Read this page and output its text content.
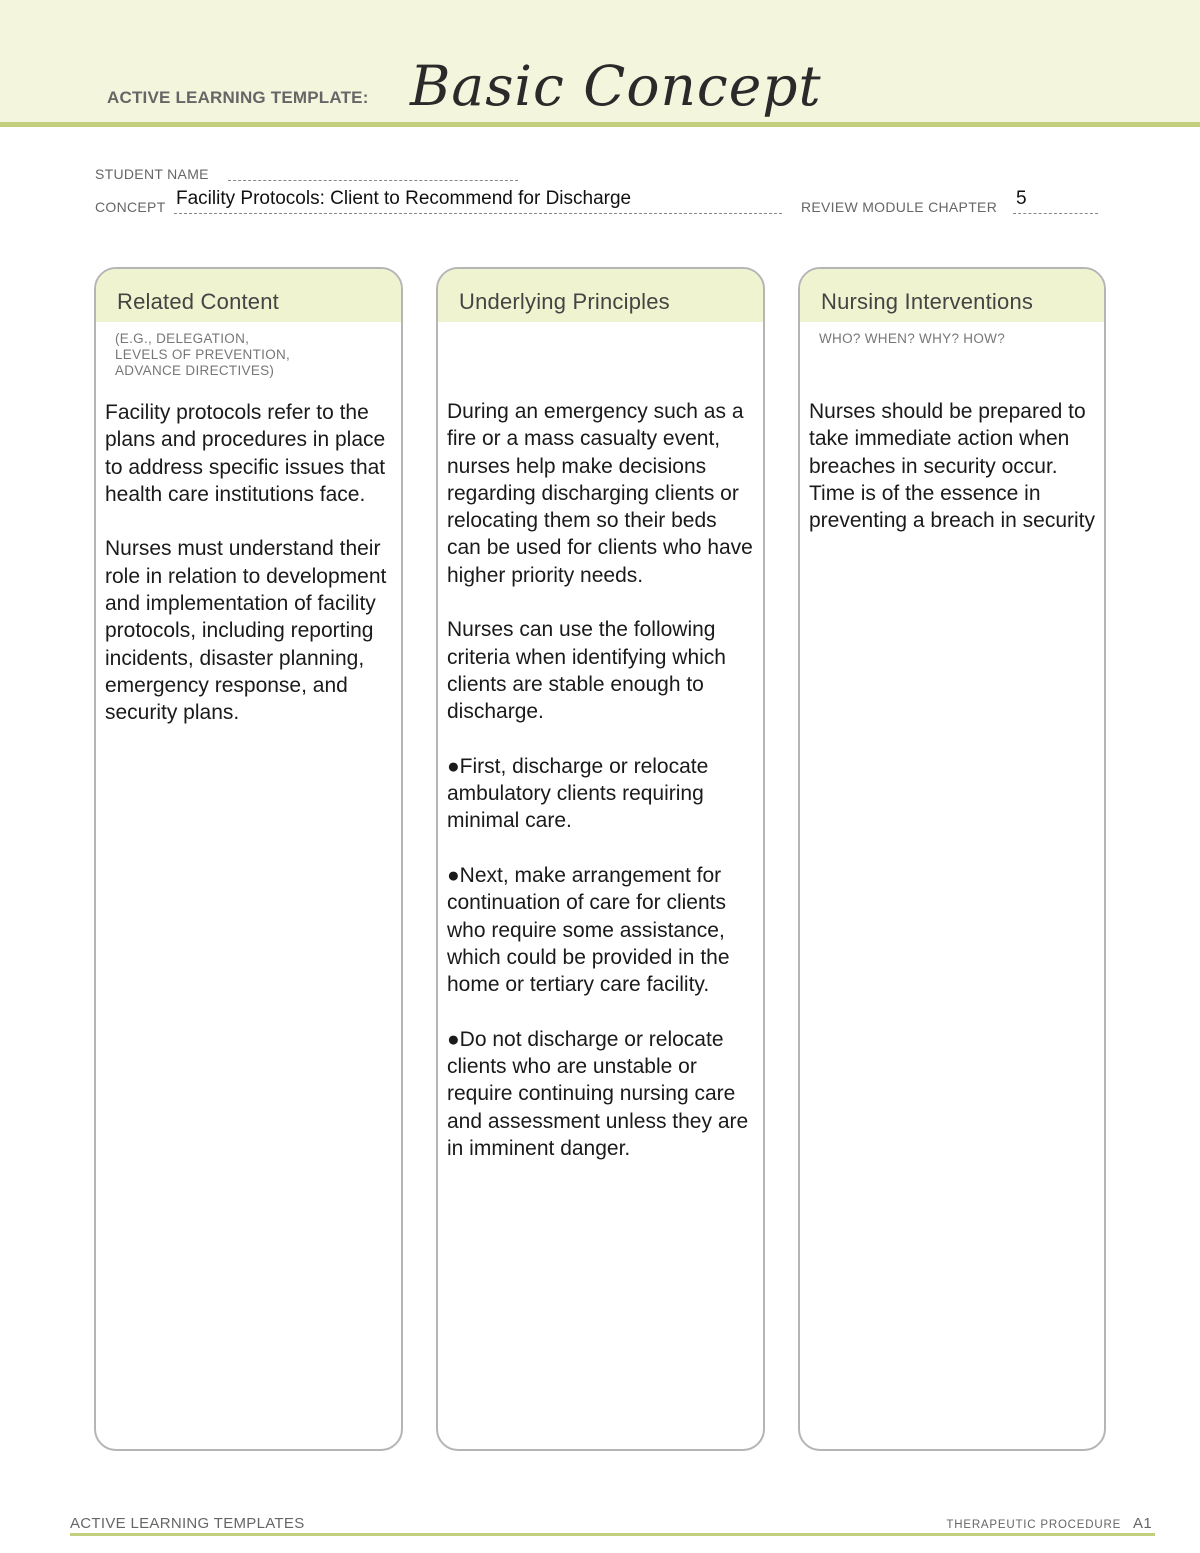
ACTIVE LEARNING TEMPLATE: Basic Concept
STUDENT NAME
CONCEPT Facility Protocols: Client to Recommend for Discharge	REVIEW MODULE CHAPTER 5
Related Content
(E.G., DELEGATION,
LEVELS OF PREVENTION,
ADVANCE DIRECTIVES)

Facility protocols refer to the plans and procedures in place to address specific issues that health care institutions face.

Nurses must understand their role in relation to development and implementation of facility protocols, including reporting incidents, disaster planning, emergency response, and security plans.

Underlying Principles

During an emergency such as a fire or a mass casualty event, nurses help make decisions regarding discharging clients or relocating them so their beds can be used for clients who have higher priority needs.

Nurses can use the following criteria when identifying which clients are stable enough to discharge.

●First, discharge or relocate ambulatory clients requiring minimal care.

●Next, make arrangement for continuation of care for clients who require some assistance, which could be provided in the home or tertiary care facility.

●Do not discharge or relocate clients who are unstable or require continuing nursing care and assessment unless they are in imminent danger.

Nursing Interventions
WHO? WHEN? WHY? HOW?

Nurses should be prepared to take immediate action when breaches in security occur. Time is of the essence in preventing a breach in security

ACTIVE LEARNING TEMPLATES	THERAPEUTIC PROCEDURE A1
